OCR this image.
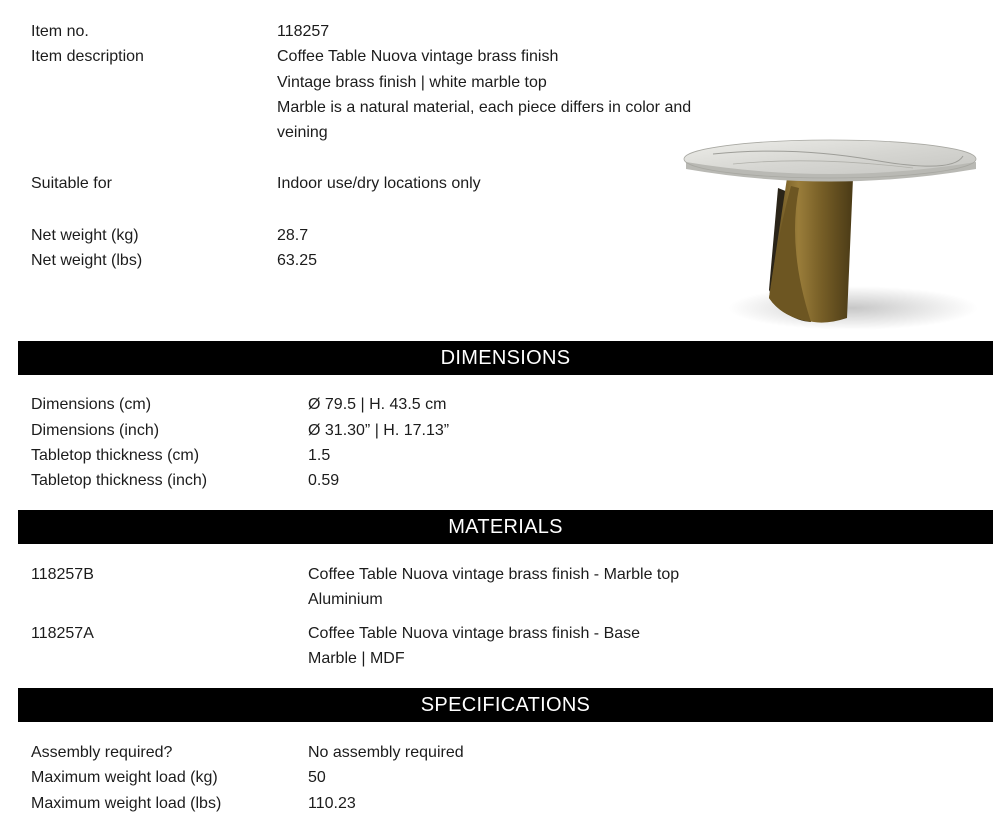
Item no.	118257
Item description	Coffee Table Nuova vintage brass finish
Vintage brass finish | white marble top
Marble is a natural material, each piece differs in color and
veining
Suitable for	Indoor use/dry locations only
Net weight (kg)	28.7
Net weight (lbs)	63.25
DIMENSIONS
Dimensions (cm)	Ø 79.5 | H. 43.5 cm
Dimensions (inch)	Ø 31.30” | H. 17.13”
Tabletop thickness (cm)	1.5
Tabletop thickness (inch)	0.59
MATERIALS
118257B	Coffee Table Nuova vintage brass finish - Marble top
Aluminium
118257A	Coffee Table Nuova vintage brass finish - Base
Marble | MDF
SPECIFICATIONS
Assembly required?	No assembly required
Maximum weight load (kg)	50
Maximum weight load (lbs)	110.23
